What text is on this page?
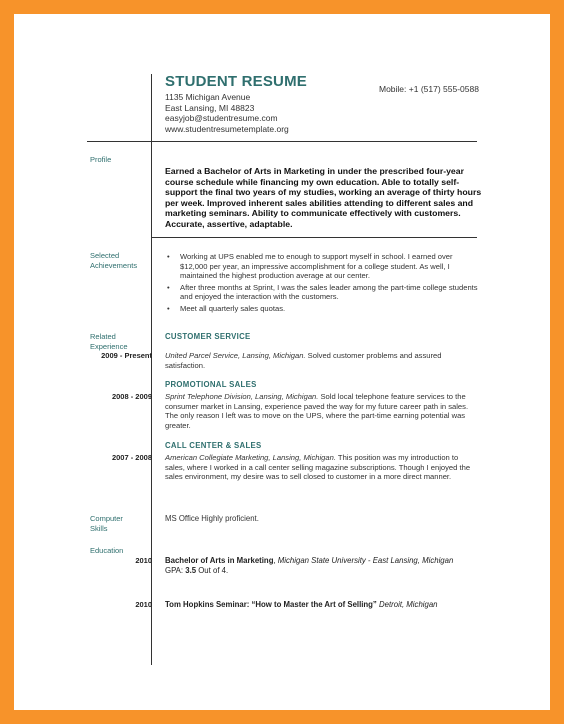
STUDENT RESUME
1135 Michigan Avenue
East Lansing, MI 48823
easyjob@studentresume.com
www.studentresumetemplate.org
Mobile: +1 (517) 555-0588
Profile
Earned a Bachelor of Arts in Marketing in under the prescribed four-year course schedule while financing my own education. Able to totally self-support the final two years of my studies, working an average of thirty hours per week. Improved inherent sales abilities attending to different sales and marketing seminars. Ability to communicate effectively with customers. Accurate, assertive, adaptable.
Selected
Achievements
• Working at UPS enabled me to enough to support myself in school. I earned over $12,000 per year, an impressive accomplishment for a college student. As well, I maintained the highest production average at our center.
• After three months at Sprint, I was the sales leader among the part-time college students and enjoyed the interaction with the customers.
• Meet all quarterly sales quotas.
Related
Experience
2009 - Present
CUSTOMER SERVICE
United Parcel Service, Lansing, Michigan. Solved customer problems and assured satisfaction.
2008 - 2009
PROMOTIONAL SALES
Sprint Telephone Division, Lansing, Michigan. Sold local telephone feature services to the consumer market in Lansing, experience paved the way for my future career path in sales. The only reason I left was to move on the UPS, where the part-time earning potential was greater.
2007 - 2008
CALL CENTER & SALES
American Collegiate Marketing, Lansing, Michigan. This position was my introduction to sales, where I worked in a call center selling magazine subscriptions. Though I enjoyed the sales environment, my desire was to sell closed to customer in a more direct manner.
Computer
Skills
MS Office Highly proficient.
Education
2010 Bachelor of Arts in Marketing, Michigan State University - East Lansing, Michigan
GPA: 3.5 Out of 4.
2010 Tom Hopkins Seminar: “How to Master the Art of Selling” Detroit, Michigan
